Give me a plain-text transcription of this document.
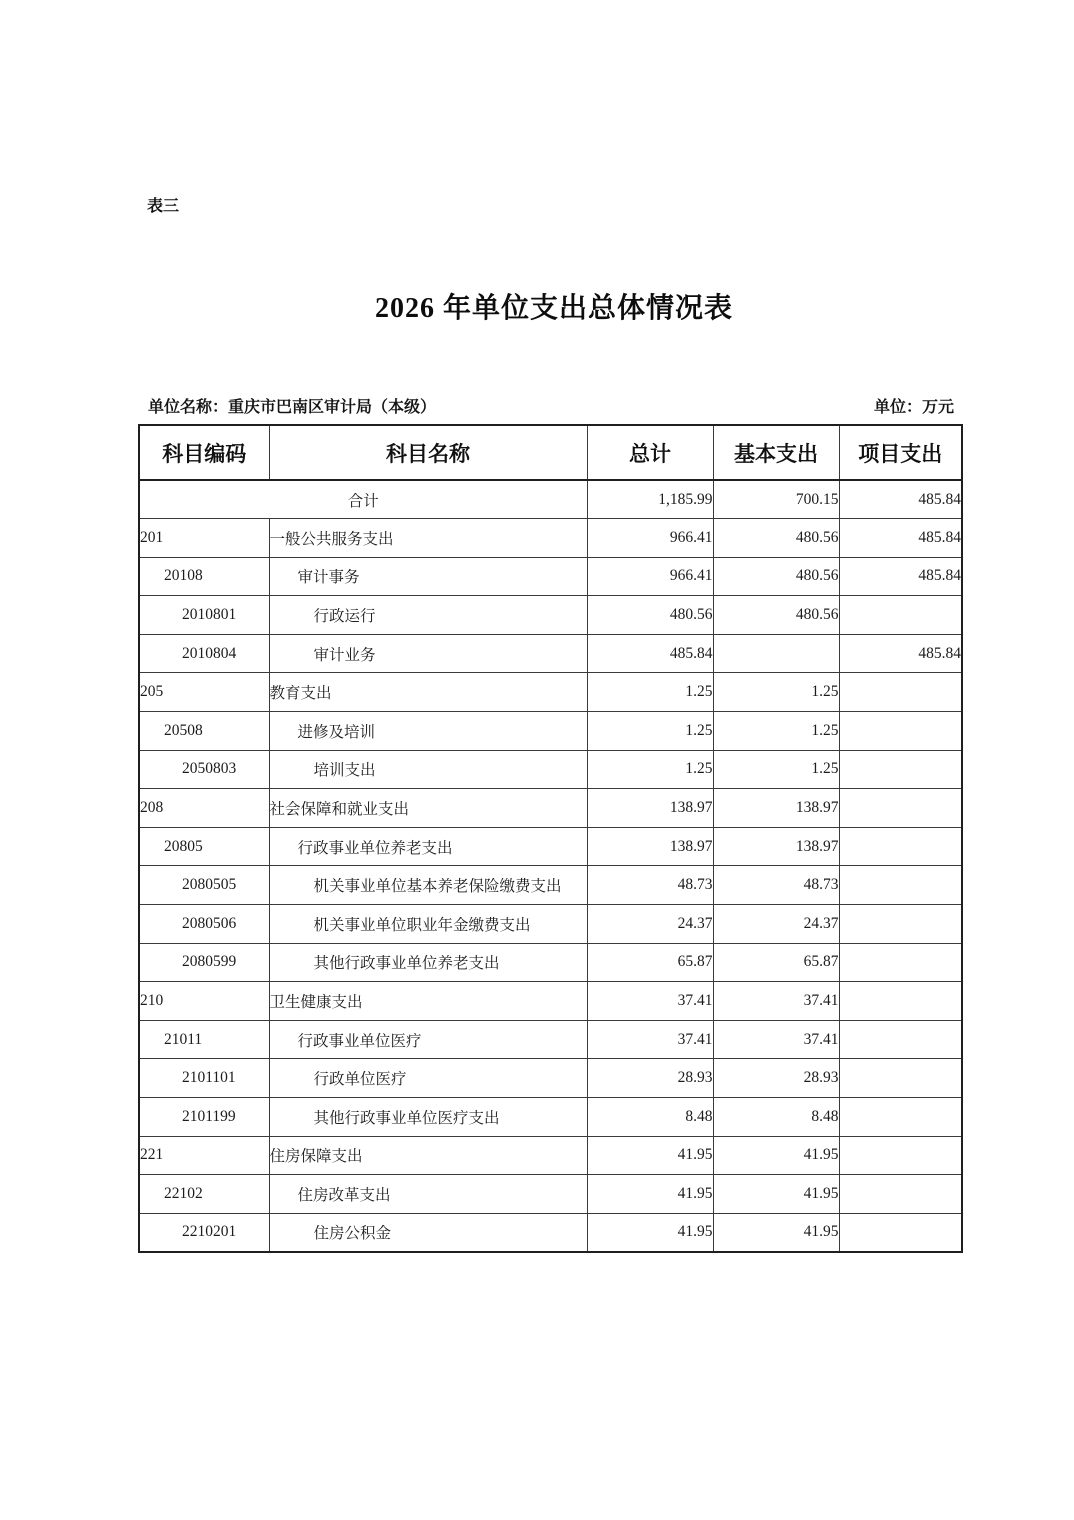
表三
2026 年单位支出总体情况表
单位名称：重庆市巴南区审计局（本级）	单位：万元
科目编码	科目名称	总计	基本支出	项目支出
合计		1,185.99	700.15	485.84
201	一般公共服务支出	966.41	480.56	485.84
20108	审计事务	966.41	480.56	485.84
2010801	行政运行	480.56	480.56	
2010804	审计业务	485.84		485.84
205	教育支出	1.25	1.25	
20508	进修及培训	1.25	1.25	
2050803	培训支出	1.25	1.25	
208	社会保障和就业支出	138.97	138.97	
20805	行政事业单位养老支出	138.97	138.97	
2080505	机关事业单位基本养老保险缴费支出	48.73	48.73	
2080506	机关事业单位职业年金缴费支出	24.37	24.37	
2080599	其他行政事业单位养老支出	65.87	65.87	
210	卫生健康支出	37.41	37.41	
21011	行政事业单位医疗	37.41	37.41	
2101101	行政单位医疗	28.93	28.93	
2101199	其他行政事业单位医疗支出	8.48	8.48	
221	住房保障支出	41.95	41.95	
22102	住房改革支出	41.95	41.95	
2210201	住房公积金	41.95	41.95	
